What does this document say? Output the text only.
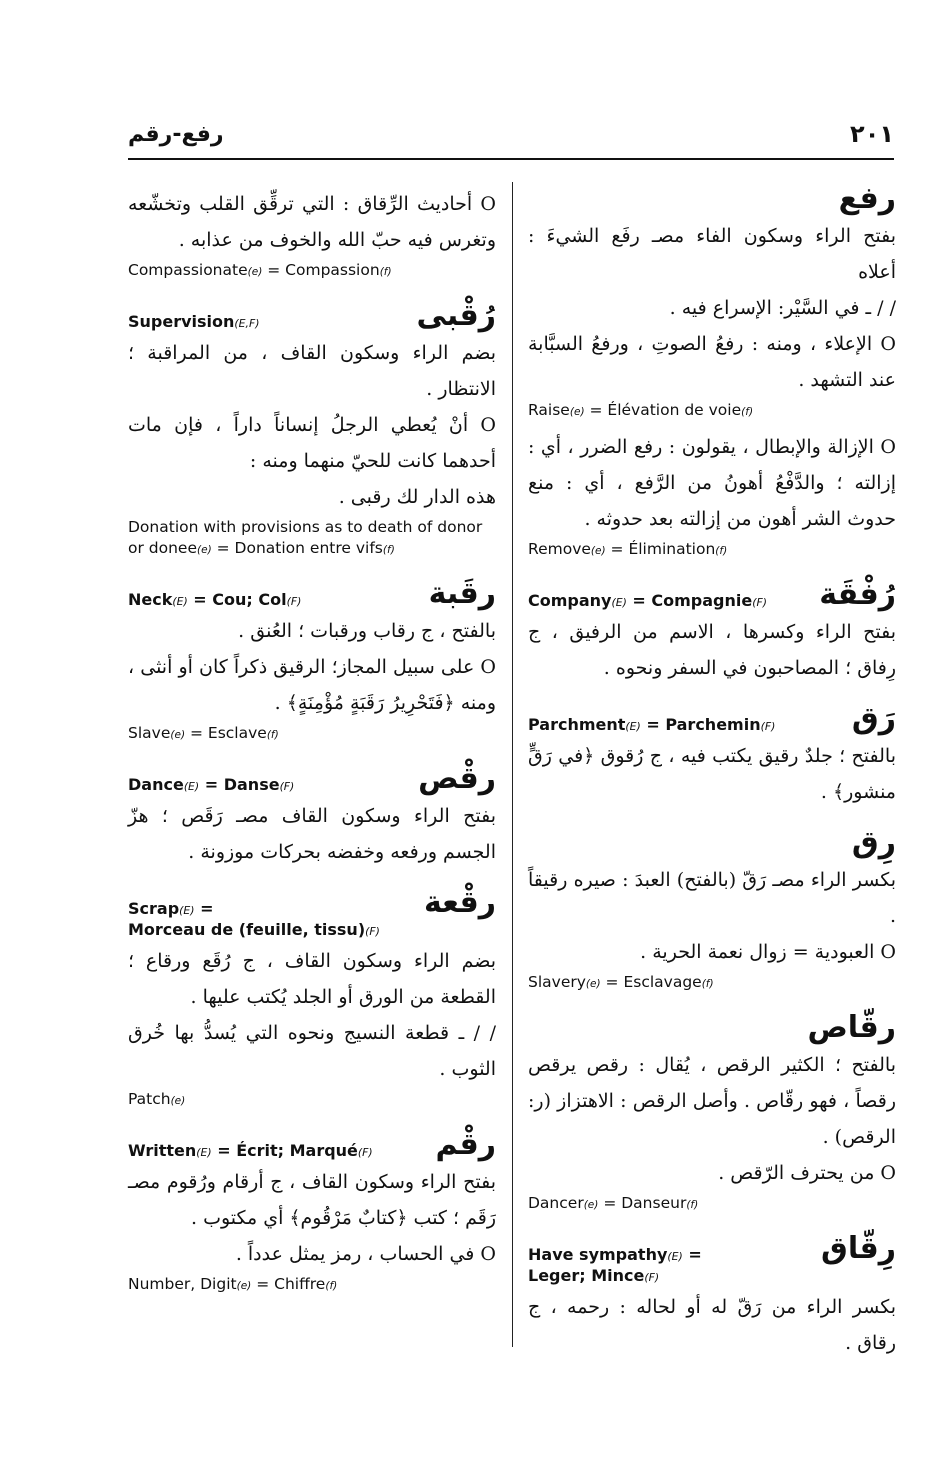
رفع-رقم	٢٠١
رفع
بفتح الراء وسكون الفاء مصـ رفَع الشيءَ : أعلاه
/ / ـ في السَّيْر: الإسراع فيه .
O الإعلاء ، ومنه : رفعُ الصوتِ ، ورفعُ السبَّابة عند التشهد .
Raise(e) = Élévation de voie(f)
O الإزالة والإبطال ، يقولون : رفع الضرر ، أي : إزالته ؛ والدَّفْعُ أهونُ من الرَّفع ، أي : منع حدوث الشر أهون من إزالته بعد حدوثه .
Remove(e) = Élimination(f)
رُفْقَة
Company(E) = Compagnie(F)
بفتح الراء وكسرها ، الاسم من الرفيق ، ج رِفاق ؛ المصاحبون في السفر ونحوه .
رَق
Parchment(E) = Parchemin(F)
بالفتح ؛ جلدٌ رقيق يكتب فيه ، ج رُقوق ﴿في رَقٍّ منشور﴾ .
رِق
بكسر الراء مصـ رَقّ (بالفتح) العبدَ : صيره رقيقاً .
O العبودية = زوال نعمة الحرية .
Slavery(e) = Esclavage(f)
رقّاص
بالفتح ؛ الكثير الرقص ، يُقال : رقص يرقص رقصاً ، فهو رقّاص . وأصل الرقص : الاهتزاز (ر: الرقص) .
O من يحترف الرّقص .
Dancer(e) = Danseur(f)
رِقّاق
Have sympathy(E) =
Leger; Mince(F)
بكسر الراء من رَقّ له أو لحاله : رحمه ، ج رقاق .
O أحاديث الرِّقاق : التي ترقِّق القلب وتخشّعه وتغرس فيه حبّ الله والخوف من عذابه .
Compassionate(e) = Compassion(f)
رُقْبى
Supervision(E,F)
بضم الراء وسكون القاف ، من المراقبة ؛ الانتظار .
O أنْ يُعطي الرجلُ إنساناً داراً ، فإن مات أحدهما كانت للحيّ منهما ومنه :
هذه الدار لك رقبى .
Donation with provisions as to death of donor or donee(e) = Donation entre vifs(f)
رقَبة
Neck(E) = Cou; Col(F)
بالفتح ، ج رقاب ورقبات ؛ العُنق .
O على سبيل المجاز؛ الرقيق ذكراً كان أو أنثى ، ومنه ﴿فَتَحْرِيرُ رَقَبَةٍ مُؤْمِنَةٍ﴾ .
Slave(e) = Esclave(f)
رقْص
Dance(E) = Danse(F)
بفتح الراء وسكون القاف مصـ رَقَص ؛ هزّ الجسم ورفعه وخفضه بحركات موزونة .
رقْعة
Scrap(E) =
Morceau de (feuille, tissu)(F)
بضم الراء وسكون القاف ، ج رُقَع ورقاع ؛ القطعة من الورق أو الجلد يُكتب عليها .
/ / ـ قطعة النسيج ونحوه التي يُسدُّ بها خُرق الثوب .
Patch(e)
رقْم
Written(E) = Écrit; Marqué(F)
بفتح الراء وسكون القاف ، ج أرقام ورُقوم مصـ رَقَم ؛ كتب ﴿كتابٌ مَرْقُوم﴾ أي مكتوب .
O في الحساب ، رمز يمثل عدداً .
Number, Digit(e) = Chiffre(f)
